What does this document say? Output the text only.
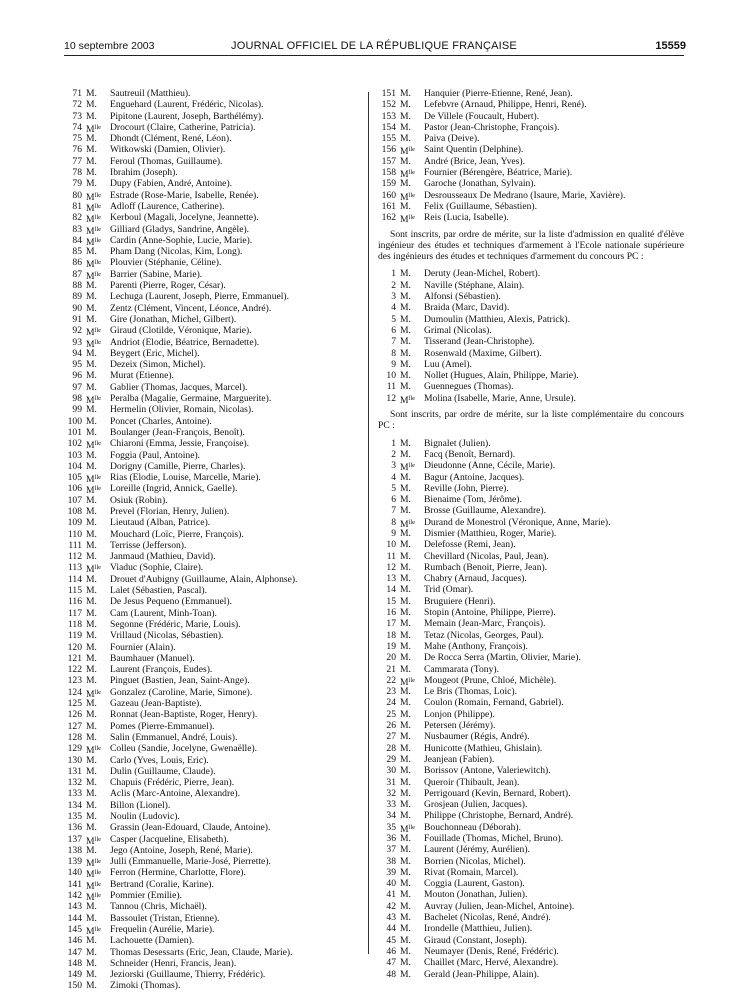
10 septembre 2003	JOURNAL OFFICIEL DE LA RÉPUBLIQUE FRANÇAISE	15559
71 M.	Sautreuil (Matthieu).
72 M.	Enguehard (Laurent, Frédéric, Nicolas).
73 M.	Pipitone (Laurent, Joseph, Barthélémy).
74 $M^{lle}$ Drocourt (Claire, Catherine, Patricia).
75 M.	Dhondt (Clément, René, Léon).
76 M.	Witkowski (Damien, Olivier).
77 M.	Feroul (Thomas, Guillaume).
78 M.	Ibrahim (Joseph).
79 M.	Dupy (Fabien, André, Antoine).
80 $M^{lle}$ Estrade (Rose-Marie, Isabelle, Renée).
81 $M^{lle}$ Adloff (Laurence, Catherine).
82 $M^{lle}$ Kerboul (Magali, Jocelyne, Jeannette).
83 $M^{lle}$ Gilliard (Gladys, Sandrine, Angèle).
84 $M^{lle}$ Cardin (Anne-Sophie, Lucie, Marie).
85 M.	Pham Dang (Nicolas, Kim, Long).
86 $M^{lle}$ Plouvier (Stéphanie, Céline).
87 $M^{lle}$ Barrier (Sabine, Marie).
88 M.	Parenti (Pierre, Roger, César).
89 M.	Lechuga (Laurent, Joseph, Pierre, Emmanuel).
90 M.	Zentz (Clément, Vincent, Léonce, André).
91 M.	Gire (Jonathan, Michel, Gilbert).
92 $M^{lle}$ Giraud (Clotilde, Véronique, Marie).
93 $M^{lle}$ Andriot (Elodie, Béatrice, Bernadette).
94 M.	Beygert (Eric, Michel).
95 M.	Dezeix (Simon, Michel).
96 M.	Murat (Etienne).
97 M.	Gablier (Thomas, Jacques, Marcel).
98 $M^{lle}$ Peralba (Magalie, Germaine, Marguerite).
99 M.	Hermelin (Olivier, Romain, Nicolas).
100 M.	Poncet (Charles, Antoine).
101 M.	Boulanger (Jean-François, Benoît).
102 $M^{lle}$ Chiaroni (Emma, Jessie, Françoise).
103 M.	Foggia (Paul, Antoine).
104 M.	Dorigny (Camille, Pierre, Charles).
105 $M^{lle}$ Rias (Elodie, Louise, Marcelle, Marie).
106 $M^{lle}$ Loreille (Ingrid, Annick, Gaelle).
107 M.	Osiuk (Robin).
108 M.	Prevel (Florian, Henry, Julien).
109 M.	Lieutaud (Alban, Patrice).
110 M.	Mouchard (Loïc, Pierre, François).
111 M.	Terrisse (Jefferson).
112 M.	Janmaud (Mathieu, David).
113 $M^{lle}$ Viaduc (Sophie, Claire).
114 M.	Drouet d'Aubigny (Guillaume, Alain, Alphonse).
115 M.	Lalet (Sébastien, Pascal).
116 M.	De Jesus Pequeno (Emmanuel).
117 M.	Cam (Laurent, Minh-Toan).
118 M.	Segonne (Frédéric, Marie, Louis).
119 M.	Vrillaud (Nicolas, Sébastien).
120 M.	Fournier (Alain).
121 M.	Baumhauer (Manuel).
122 M.	Laurent (François, Eudes).
123 M.	Pinguet (Bastien, Jean, Saint-Ange).
124 $M^{lle}$ Gonzalez (Caroline, Marie, Simone).
125 M.	Gazeau (Jean-Baptiste).
126 M.	Ronnat (Jean-Baptiste, Roger, Henry).
127 M.	Pomes (Pierre-Emmanuel).
128 M.	Salin (Emmanuel, André, Louis).
129 $M^{lle}$ Colleu (Sandie, Jocelyne, Gwenaëlle).
130 M.	Carlo (Yves, Louis, Eric).
131 M.	Dulin (Guillaume, Claude).
132 M.	Chapuis (Frédéric, Pierre, Jean).
133 M.	Aclis (Marc-Antoine, Alexandre).
134 M.	Billon (Lionel).
135 M.	Noulin (Ludovic).
136 M.	Grassin (Jean-Edouard, Claude, Antoine).
137 $M^{lle}$ Casper (Jacqueline, Elisabeth).
138 M.	Jego (Antoine, Joseph, René, Marie).
139 $M^{lle}$ Julli (Emmanuelle, Marie-José, Pierrette).
140 $M^{lle}$ Ferron (Hermine, Charlotte, Flore).
141 $M^{lle}$ Bertrand (Coralie, Karine).
142 $M^{lle}$ Pommier (Emilie).
143 M.	Tannou (Chris, Michaël).
144 M.	Bassoulet (Tristan, Etienne).
145 $M^{lle}$ Frequelin (Aurélie, Marie).
146 M.	Lachouette (Damien).
147 M.	Thomas Desessarts (Eric, Jean, Claude, Marie).
148 M.	Schneider (Henri, Francis, Jean).
149 M.	Jeziorski (Guillaume, Thierry, Frédéric).
150 M.	Zimoki (Thomas).
151 M.	Hanquier (Pierre-Etienne, René, Jean).
152 M.	Lefebvre (Arnaud, Philippe, Henri, René).
153 M.	De Villele (Foucault, Hubert).
154 M.	Pastor (Jean-Christophe, François).
155 M.	Paiva (Deive).
156 $M^{lle}$ Saint Quentin (Delphine).
157 M.	André (Brice, Jean, Yves).
158 $M^{lle}$ Fournier (Bérengère, Béatrice, Marie).
159 M.	Garoche (Jonathan, Sylvain).
160 $M^{lle}$ Desrousseaux De Medrano (Isaure, Marie, Xavière).
161 M.	Felix (Guillaume, Sébastien).
162 $M^{lle}$ Reis (Lucia, Isabelle).

Sont inscrits, par ordre de mérite, sur la liste d'admission en qualité d'élève ingénieur des études et techniques d'armement à l'Ecole nationale supérieure des ingénieurs des études et techniques d'armement du concours PC :

1 M.	Deruty (Jean-Michel, Robert).
2 M.	Naville (Stéphane, Alain).
3 M.	Alfonsi (Sébastien).
4 M.	Braida (Marc, David).
5 M.	Dumoulin (Matthieu, Alexis, Patrick).
6 M.	Grimal (Nicolas).
7 M.	Tisserand (Jean-Christophe).
8 M.	Rosenwald (Maxime, Gilbert).
9 M.	Luu (Amel).
10 M.	Nollet (Hugues, Alain, Philippe, Marie).
11 M.	Guennegues (Thomas).
12 $M^{lle}$ Molina (Isabelle, Marie, Anne, Ursule).

Sont inscrits, par ordre de mérite, sur la liste complémentaire du concours PC :

1 M.	Bignalet (Julien).
2 M.	Facq (Benoît, Bernard).
3 $M^{lle}$ Dieudonne (Anne, Cécile, Marie).
4 M.	Bagur (Antoine, Jacques).
5 M.	Reville (John, Pierre).
6 M.	Bienaime (Tom, Jérôme).
7 M.	Brosse (Guillaume, Alexandre).
8 $M^{lle}$ Durand de Monestrol (Véronique, Anne, Marie).
9 M.	Dismier (Matthieu, Roger, Marie).
10 M.	Delefosse (Remi, Jean).
11 M.	Chevillard (Nicolas, Paul, Jean).
12 M.	Rumbach (Benoit, Pierre, Jean).
13 M.	Chabry (Arnaud, Jacques).
14 M.	Trid (Omar).
15 M.	Bruguiere (Henri).
16 M.	Stopin (Antoine, Philippe, Pierre).
17 M.	Memain (Jean-Marc, François).
18 M.	Tetaz (Nicolas, Georges, Paul).
19 M.	Mahe (Anthony, François).
20 M.	De Rocca Serra (Martin, Olivier, Marie).
21 M.	Cammarata (Tony).
22 $M^{lle}$ Mougeot (Prune, Chloé, Michèle).
23 M.	Le Bris (Thomas, Loic).
24 M.	Coulon (Romain, Fernand, Gabriel).
25 M.	Lonjon (Philippe).
26 M.	Petersen (Jérémy).
27 M.	Nusbaumer (Régis, André).
28 M.	Hunicotte (Mathieu, Ghislain).
29 M.	Jeanjean (Fabien).
30 M.	Borissov (Antone, Valeriewitch).
31 M.	Queroir (Thibault, Jean).
32 M.	Perrigouard (Kevin, Bernard, Robert).
33 M.	Grosjean (Julien, Jacques).
34 M.	Philippe (Christophe, Bernard, André).
35 $M^{lle}$ Bouchonneau (Déborah).
36 M.	Fouillade (Thomas, Michel, Bruno).
37 M.	Laurent (Jérémy, Aurélien).
38 M.	Borrien (Nicolas, Michel).
39 M.	Rivat (Romain, Marcel).
40 M.	Coggia (Laurent, Gaston).
41 M.	Mouton (Jonathan, Julien).
42 M.	Auvray (Julien, Jean-Michel, Antoine).
43 M.	Bachelet (Nicolas, René, André).
44 M.	Irondelle (Matthieu, Julien).
45 M.	Giraud (Constant, Joseph).
46 M.	Neumayer (Denis, René, Frédéric).
47 M.	Chaillet (Marc, Hervé, Alexandre).
48 M.	Gerald (Jean-Philippe, Alain).
